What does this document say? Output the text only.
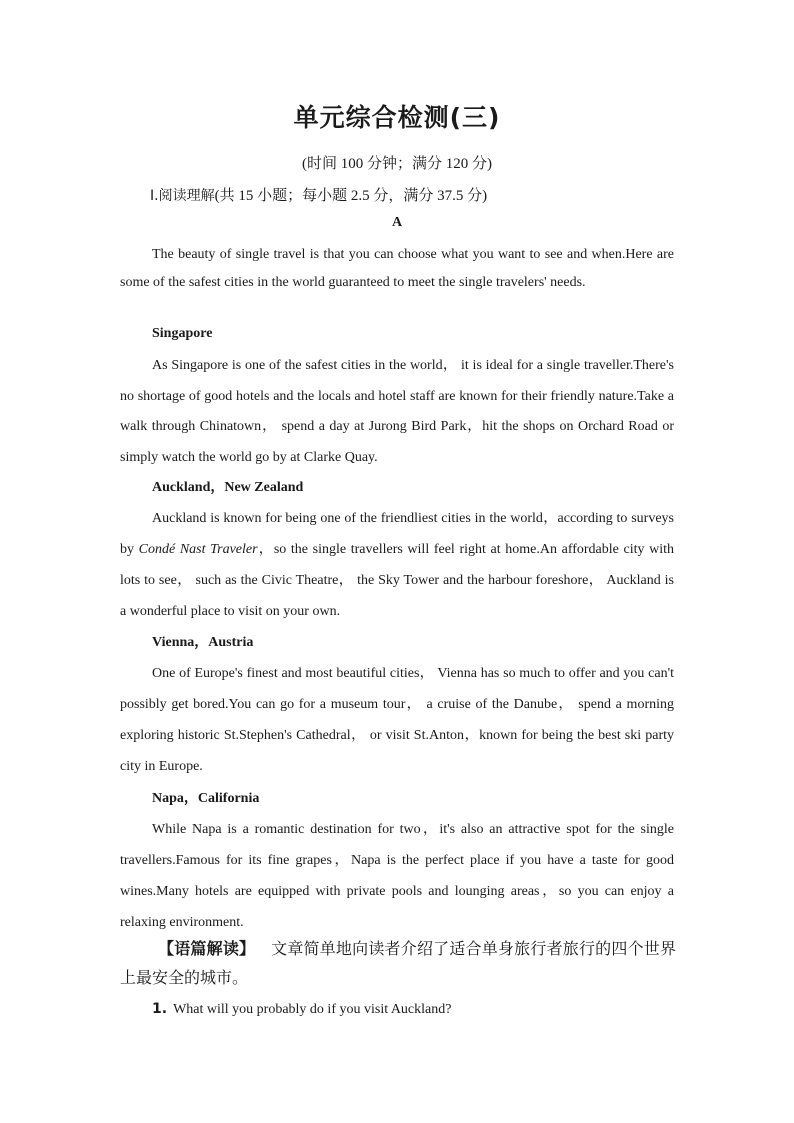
单元综合检测(三)
(时间 100 分钟；满分 120 分)
Ⅰ.阅读理解(共 15 小题；每小题 2.5 分，满分 37.5 分)
A

The beauty of single travel is that you can choose what you want to see and when.Here are some of the safest cities in the world guaranteed to meet the single travelers' needs.

Singapore

As Singapore is one of the safest cities in the world， it is ideal for a single traveller.There's no shortage of good hotels and the locals and hotel staff are known for their friendly nature.Take a walk through Chinatown， spend a day at Jurong Bird Park，hit the shops on Orchard Road or simply watch the world go by at Clarke Quay.

Auckland，New Zealand

Auckland is known for being one of the friendliest cities in the world，according to surveys by Condé Nast Traveler，so the single travellers will feel right at home.An affordable city with lots to see， such as the Civic Theatre， the Sky Tower and the harbour foreshore， Auckland is a wonderful place to visit on your own.

Vienna，Austria

One of Europe's finest and most beautiful cities， Vienna has so much to offer and you can't possibly get bored.You can go for a museum tour， a cruise of the Danube， spend a morning exploring historic St.Stephen's Cathedral， or visit St.Anton，known for being the best ski party city in Europe.

Napa，California

While Napa is a romantic destination for two，it's also an attractive spot for the single travellers.Famous for its fine grapes，Napa is the perfect place if you have a taste for good wines.Many hotels are equipped with private pools and lounging areas，so you can enjoy a relaxing environment.

【语篇解读】 文章简单地向读者介绍了适合单身旅行者旅行的四个世界上最安全的城市。

1. What will you probably do if you visit Auckland?
